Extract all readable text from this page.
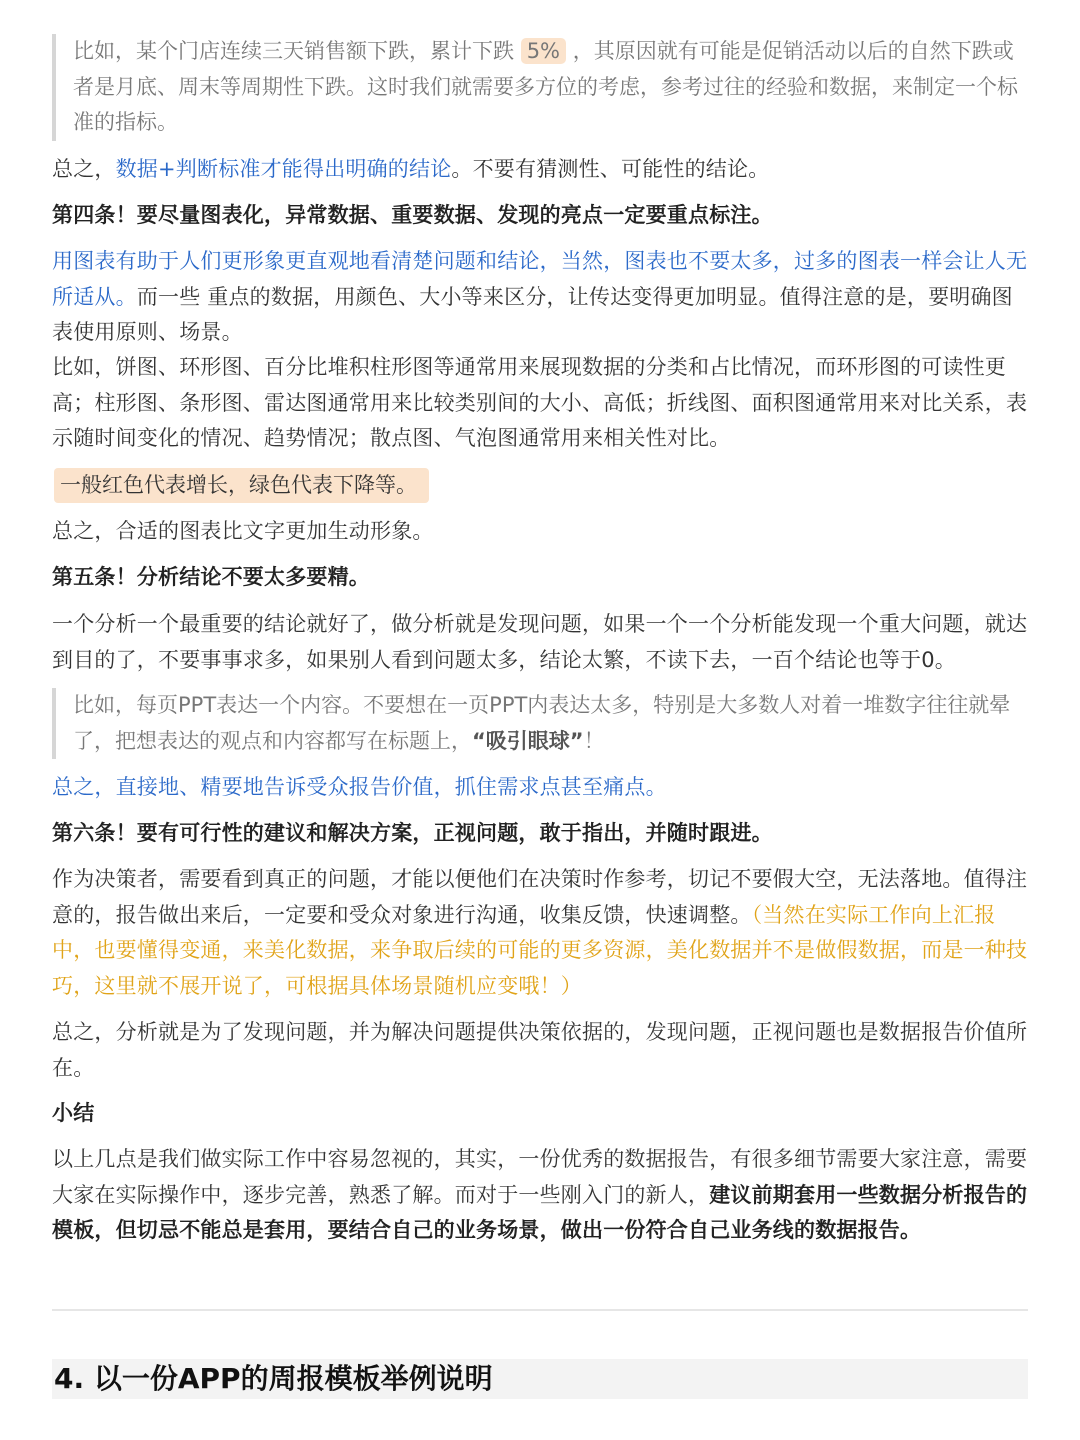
比如，某个门店连续三天销售额下跌，累计下跌 5% ，其原因就有可能是促销活动以后的自然下跌或者是月底、周末等周期性下跌。这时我们就需要多方位的考虑，参考过往的经验和数据，来制定一个标准的指标。

总之，数据+判断标准才能得出明确的结论。不要有猜测性、可能性的结论。

第四条！要尽量图表化，异常数据、重要数据、发现的亮点一定要重点标注。

用图表有助于人们更形象更直观地看清楚问题和结论，当然，图表也不要太多，过多的图表一样会让人无所适从。而一些 重点的数据，用颜色、大小等来区分，让传达变得更加明显。值得注意的是，要明确图表使用原则、场景。

比如，饼图、环形图、百分比堆积柱形图等通常用来展现数据的分类和占比情况，而环形图的可读性更高；柱形图、条形图、雷达图通常用来比较类别间的大小、高低；折线图、面积图通常用来对比关系，表示随时间变化的情况、趋势情况；散点图、气泡图通常用来相关性对比。

一般红色代表增长，绿色代表下降等。

总之，合适的图表比文字更加生动形象。

第五条！分析结论不要太多要精。

一个分析一个最重要的结论就好了，做分析就是发现问题，如果一个一个分析能发现一个重大问题，就达到目的了，不要事事求多，如果别人看到问题太多，结论太繁，不读下去，一百个结论也等于0。

比如，每页PPT表达一个内容。不要想在一页PPT内表达太多，特别是大多数人对着一堆数字往往就晕了，把想表达的观点和内容都写在标题上，“吸引眼球”！

总之，直接地、精要地告诉受众报告价值，抓住需求点甚至痛点。

第六条！要有可行性的建议和解决方案，正视问题，敢于指出，并随时跟进。

作为决策者，需要看到真正的问题，才能以便他们在决策时作参考，切记不要假大空，无法落地。值得注意的，报告做出来后，一定要和受众对象进行沟通，收集反馈，快速调整。（当然在实际工作向上汇报中，也要懂得变通，来美化数据，来争取后续的可能的更多资源，美化数据并不是做假数据，而是一种技巧，这里就不展开说了，可根据具体场景随机应变哦！）

总之，分析就是为了发现问题，并为解决问题提供决策依据的，发现问题，正视问题也是数据报告价值所在。

小结

以上几点是我们做实际工作中容易忽视的，其实，一份优秀的数据报告，有很多细节需要大家注意，需要大家在实际操作中，逐步完善，熟悉了解。而对于一些刚入门的新人，建议前期套用一些数据分析报告的模板，但切忌不能总是套用，要结合自己的业务场景，做出一份符合自己业务线的数据报告。

4. 以一份APP的周报模板举例说明
